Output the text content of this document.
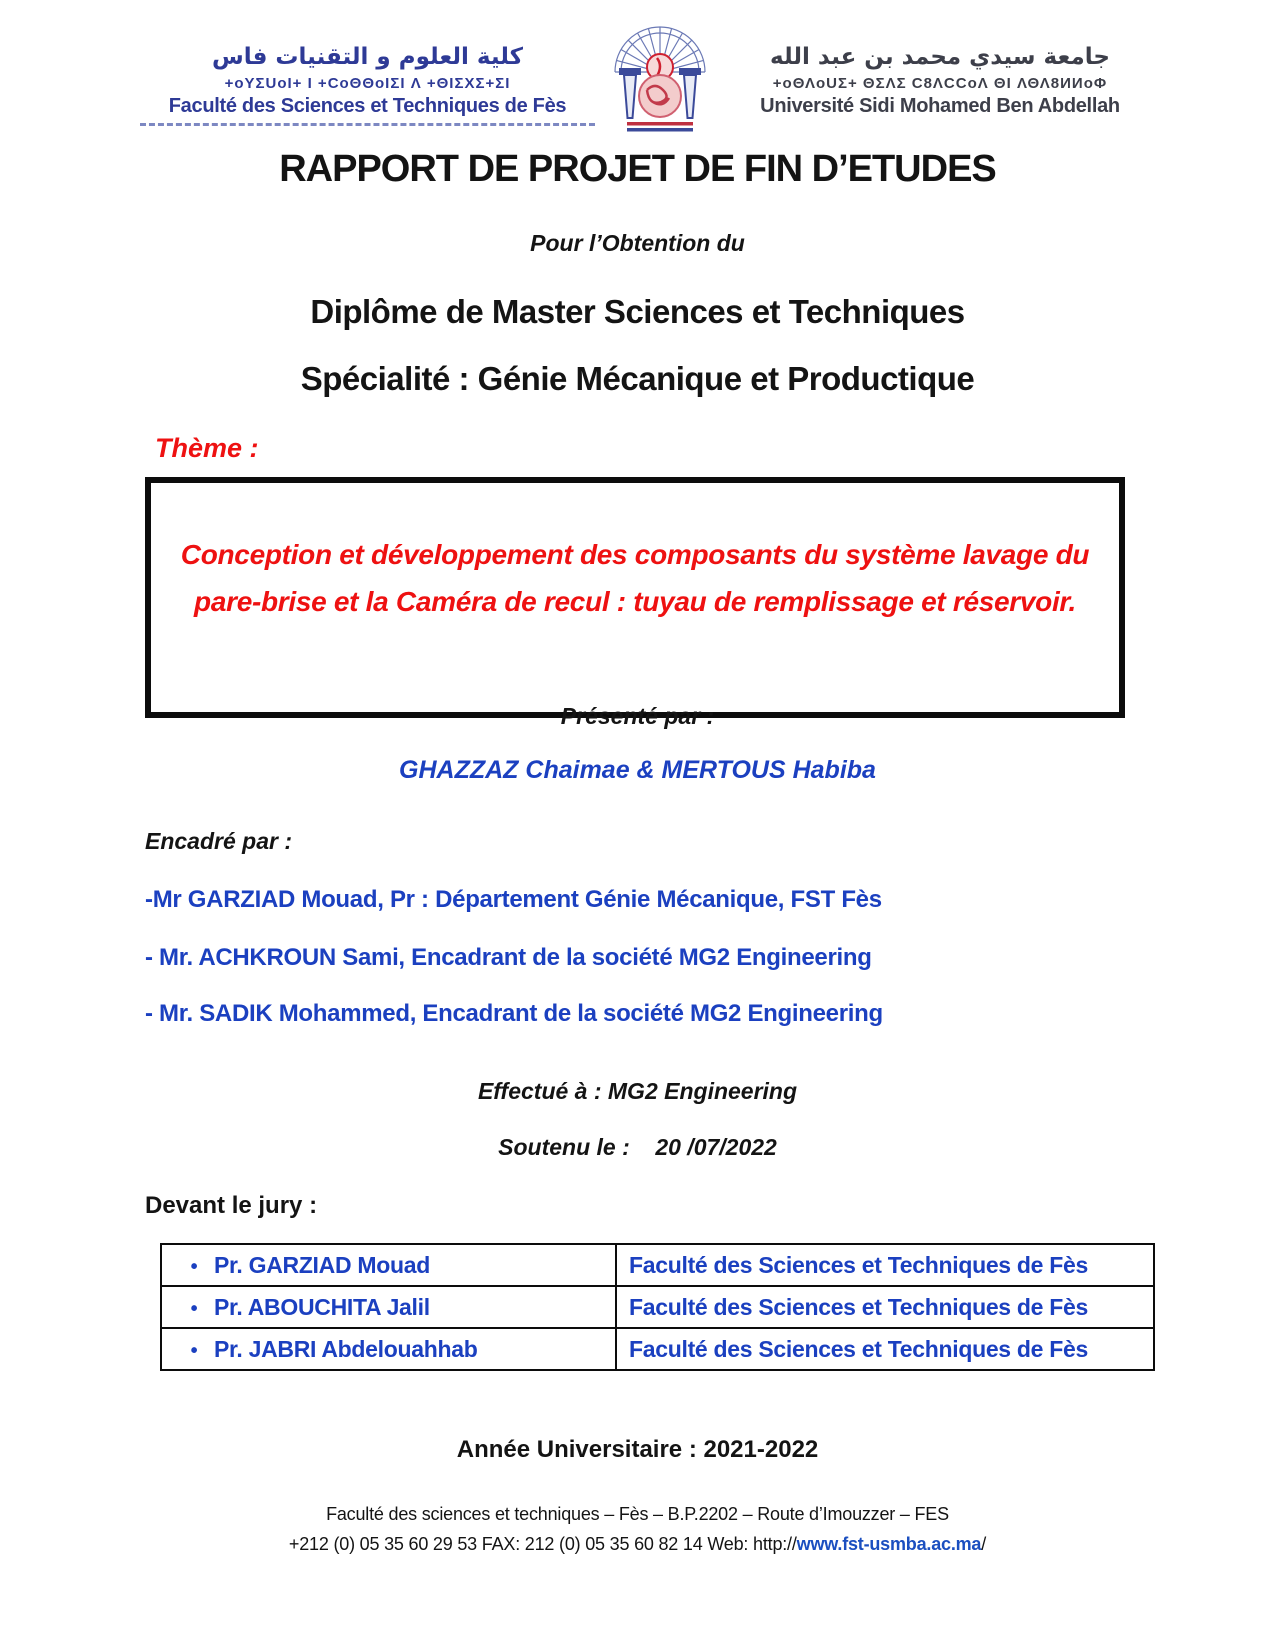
كلية العلوم و التقنيات فاس
+oYΣUoI+ I +CoΘΘoIΣI Λ +ΘIΣXΣ+ΣI
Faculté des Sciences et Techniques de Fès
جامعة سيدي محمد بن عبد الله
+oΘΛoUΣ+ ΘΣΛΣ C8ΛCCoΛ ΘI ΛΘΛ8ИИoΦ
Université Sidi Mohamed Ben Abdellah
RAPPORT DE PROJET DE FIN D’ETUDES
Pour l’Obtention du
Diplôme de Master Sciences et Techniques
Spécialité : Génie Mécanique et Productique
Thème :
Conception et développement des composants du système lavage du
pare-brise et la Caméra de recul : tuyau de remplissage et réservoir.
Présenté par :
GHAZZAZ Chaimae & MERTOUS Habiba
Encadré par :
-Mr GARZIAD Mouad, Pr : Département Génie Mécanique, FST Fès
- Mr. ACHKROUN Sami, Encadrant de la société MG2 Engineering
- Mr. SADIK Mohammed, Encadrant de la société MG2 Engineering
Effectué à : MG2 Engineering
Soutenu le :    20 /07/2022
Devant le jury :
• Pr. GARZIAD Mouad	Faculté des Sciences et Techniques de Fès
• Pr. ABOUCHITA Jalil	Faculté des Sciences et Techniques de Fès
• Pr. JABRI Abdelouahhab	Faculté des Sciences et Techniques de Fès
Année Universitaire : 2021-2022
Faculté des sciences et techniques – Fès – B.P.2202 – Route d’Imouzzer – FES
+212 (0) 05 35 60 29 53 FAX: 212 (0) 05 35 60 82 14 Web: http://www.fst-usmba.ac.ma/
